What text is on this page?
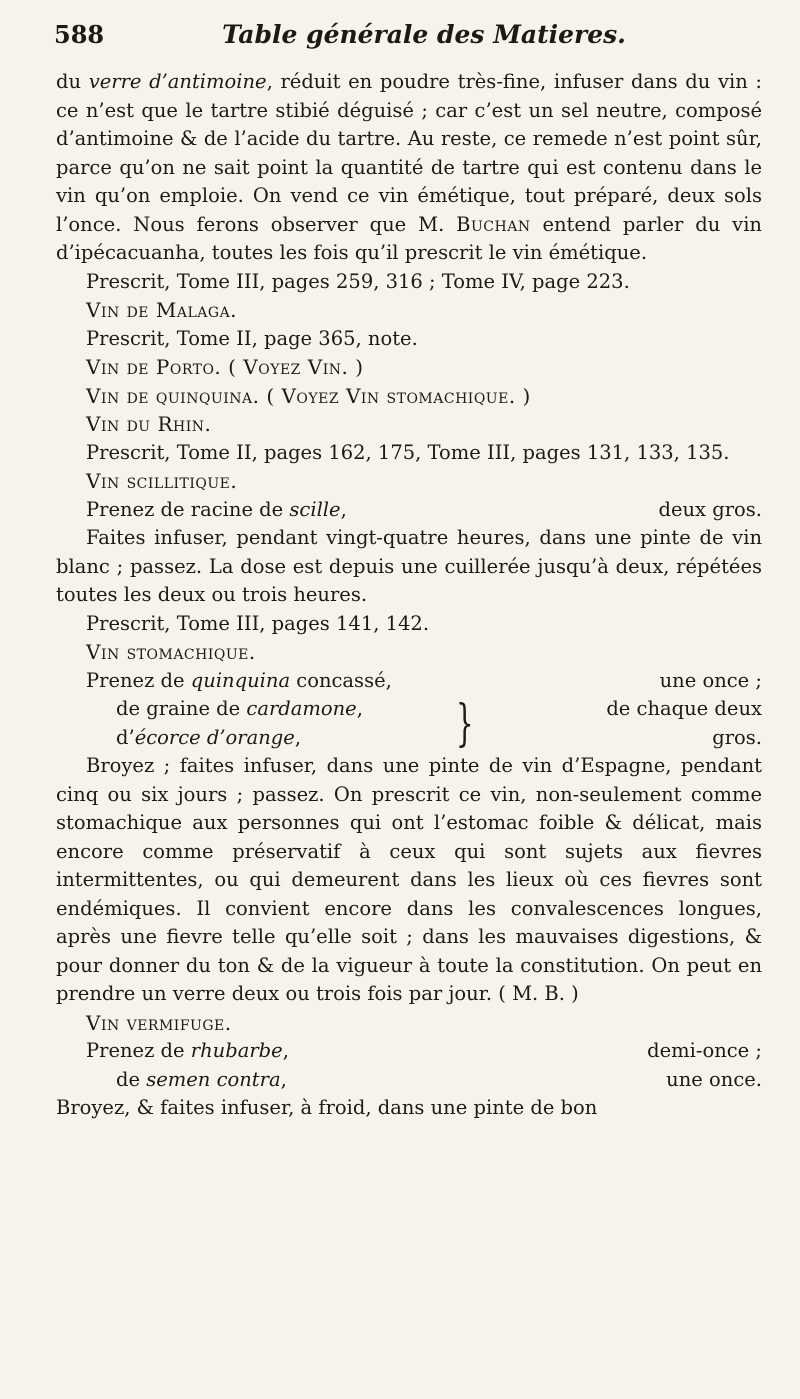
588	Table générale des Matieres.

du verre d’antimoine, réduit en poudre très-fine, infuser dans du vin : ce n’est que le tartre stibié déguisé ; car c’est un sel neutre, composé d’antimoine & de l’acide du tartre. Au reste, ce remede n’est point sûr, parce qu’on ne sait point la quantité de tartre qui est contenu dans le vin qu’on emploie. On vend ce vin émétique, tout préparé, deux sols l’once. Nous ferons observer que M. Buchan entend parler du vin d’ipécacuanha, toutes les fois qu’il prescrit le vin émétique.

Prescrit, Tome III, pages 259, 316 ; Tome IV, page 223.

Vin de Malaga.

Prescrit, Tome II, page 365, note.

Vin de Porto. ( Voyez Vin. )

Vin de quinquina. ( Voyez Vin stomachique. )

Vin du Rhin.

Prescrit, Tome II, pages 162, 175, Tome III, pages 131, 133, 135.

Vin scillitique.

Prenez de racine de scille,	deux gros.

Faites infuser, pendant vingt-quatre heures, dans une pinte de vin blanc ; passez. La dose est depuis une cuillerée jusqu’à deux, répétées toutes les deux ou trois heures.

Prescrit, Tome III, pages 141, 142.

Vin stomachique.

Prenez de quinquina concassé,	une once ;
de graine de cardamone,
d’écorce d’orange,	}	de chaque deux
gros.

Broyez ; faites infuser, dans une pinte de vin d’Espagne, pendant cinq ou six jours ; passez. On prescrit ce vin, non-seulement comme stomachique aux personnes qui ont l’estomac foible & délicat, mais encore comme préservatif à ceux qui sont sujets aux fievres intermittentes, ou qui demeurent dans les lieux où ces fievres sont endémiques. Il convient encore dans les convalescences longues, après une fievre telle qu’elle soit ; dans les mauvaises digestions, & pour donner du ton & de la vigueur à toute la constitution. On peut en prendre un verre deux ou trois fois par jour. ( M. B. )

Vin vermifuge.

Prenez de rhubarbe,	demi-once ;
de semen contra,	une once.

Broyez, & faites infuser, à froid, dans une pinte de bon
